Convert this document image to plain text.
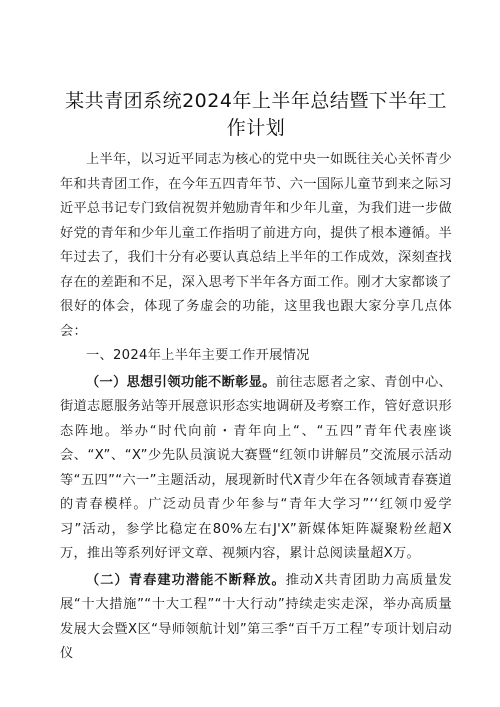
某共青团系统2024年上半年总结暨下半年工
作计划

上半年，以习近平同志为核心的党中央一如既往关心关怀青少年和共青团工作，在今年五四青年节、六一国际儿童节到来之际习近平总书记专门致信祝贺并勉励青年和少年儿童，为我们进一步做好党的青年和少年儿童工作指明了前进方向，提供了根本遵循。半年过去了，我们十分有必要认真总结上半年的工作成效，深刻查找存在的差距和不足，深入思考下半年各方面工作。刚才大家都谈了很好的体会，体现了务虚会的功能，这里我也跟大家分享几点体会：

一、2024年上半年主要工作开展情况

（一）思想引领功能不断彰显。前往志愿者之家、青创中心、街道志愿服务站等开展意识形态实地调研及考察工作，管好意识形态阵地。举办“时代向前・青年向上“、“五四”青年代表座谈会、“X”、“X”少先队员演说大赛暨“红领巾讲解员”交流展示活动等“五四”“六一”主题活动，展现新时代X青少年在各领域青春赛道的青春模样。广泛动员青少年参与“青年大学习”‘‘红领巾爱学习”活动，参学比稳定在80%左右J'X”新媒体矩阵凝聚粉丝超X万，推出等系列好评文章、视频内容，累计总阅读量超X万。

（二）青春建功潜能不断释放。推动X共青团助力高质量发展“十大措施”“十大工程”“十大行动”持续走实走深，举办高质量发展大会暨X区“导师领航计划”第三季“百千万工程”专项计划启动仪
